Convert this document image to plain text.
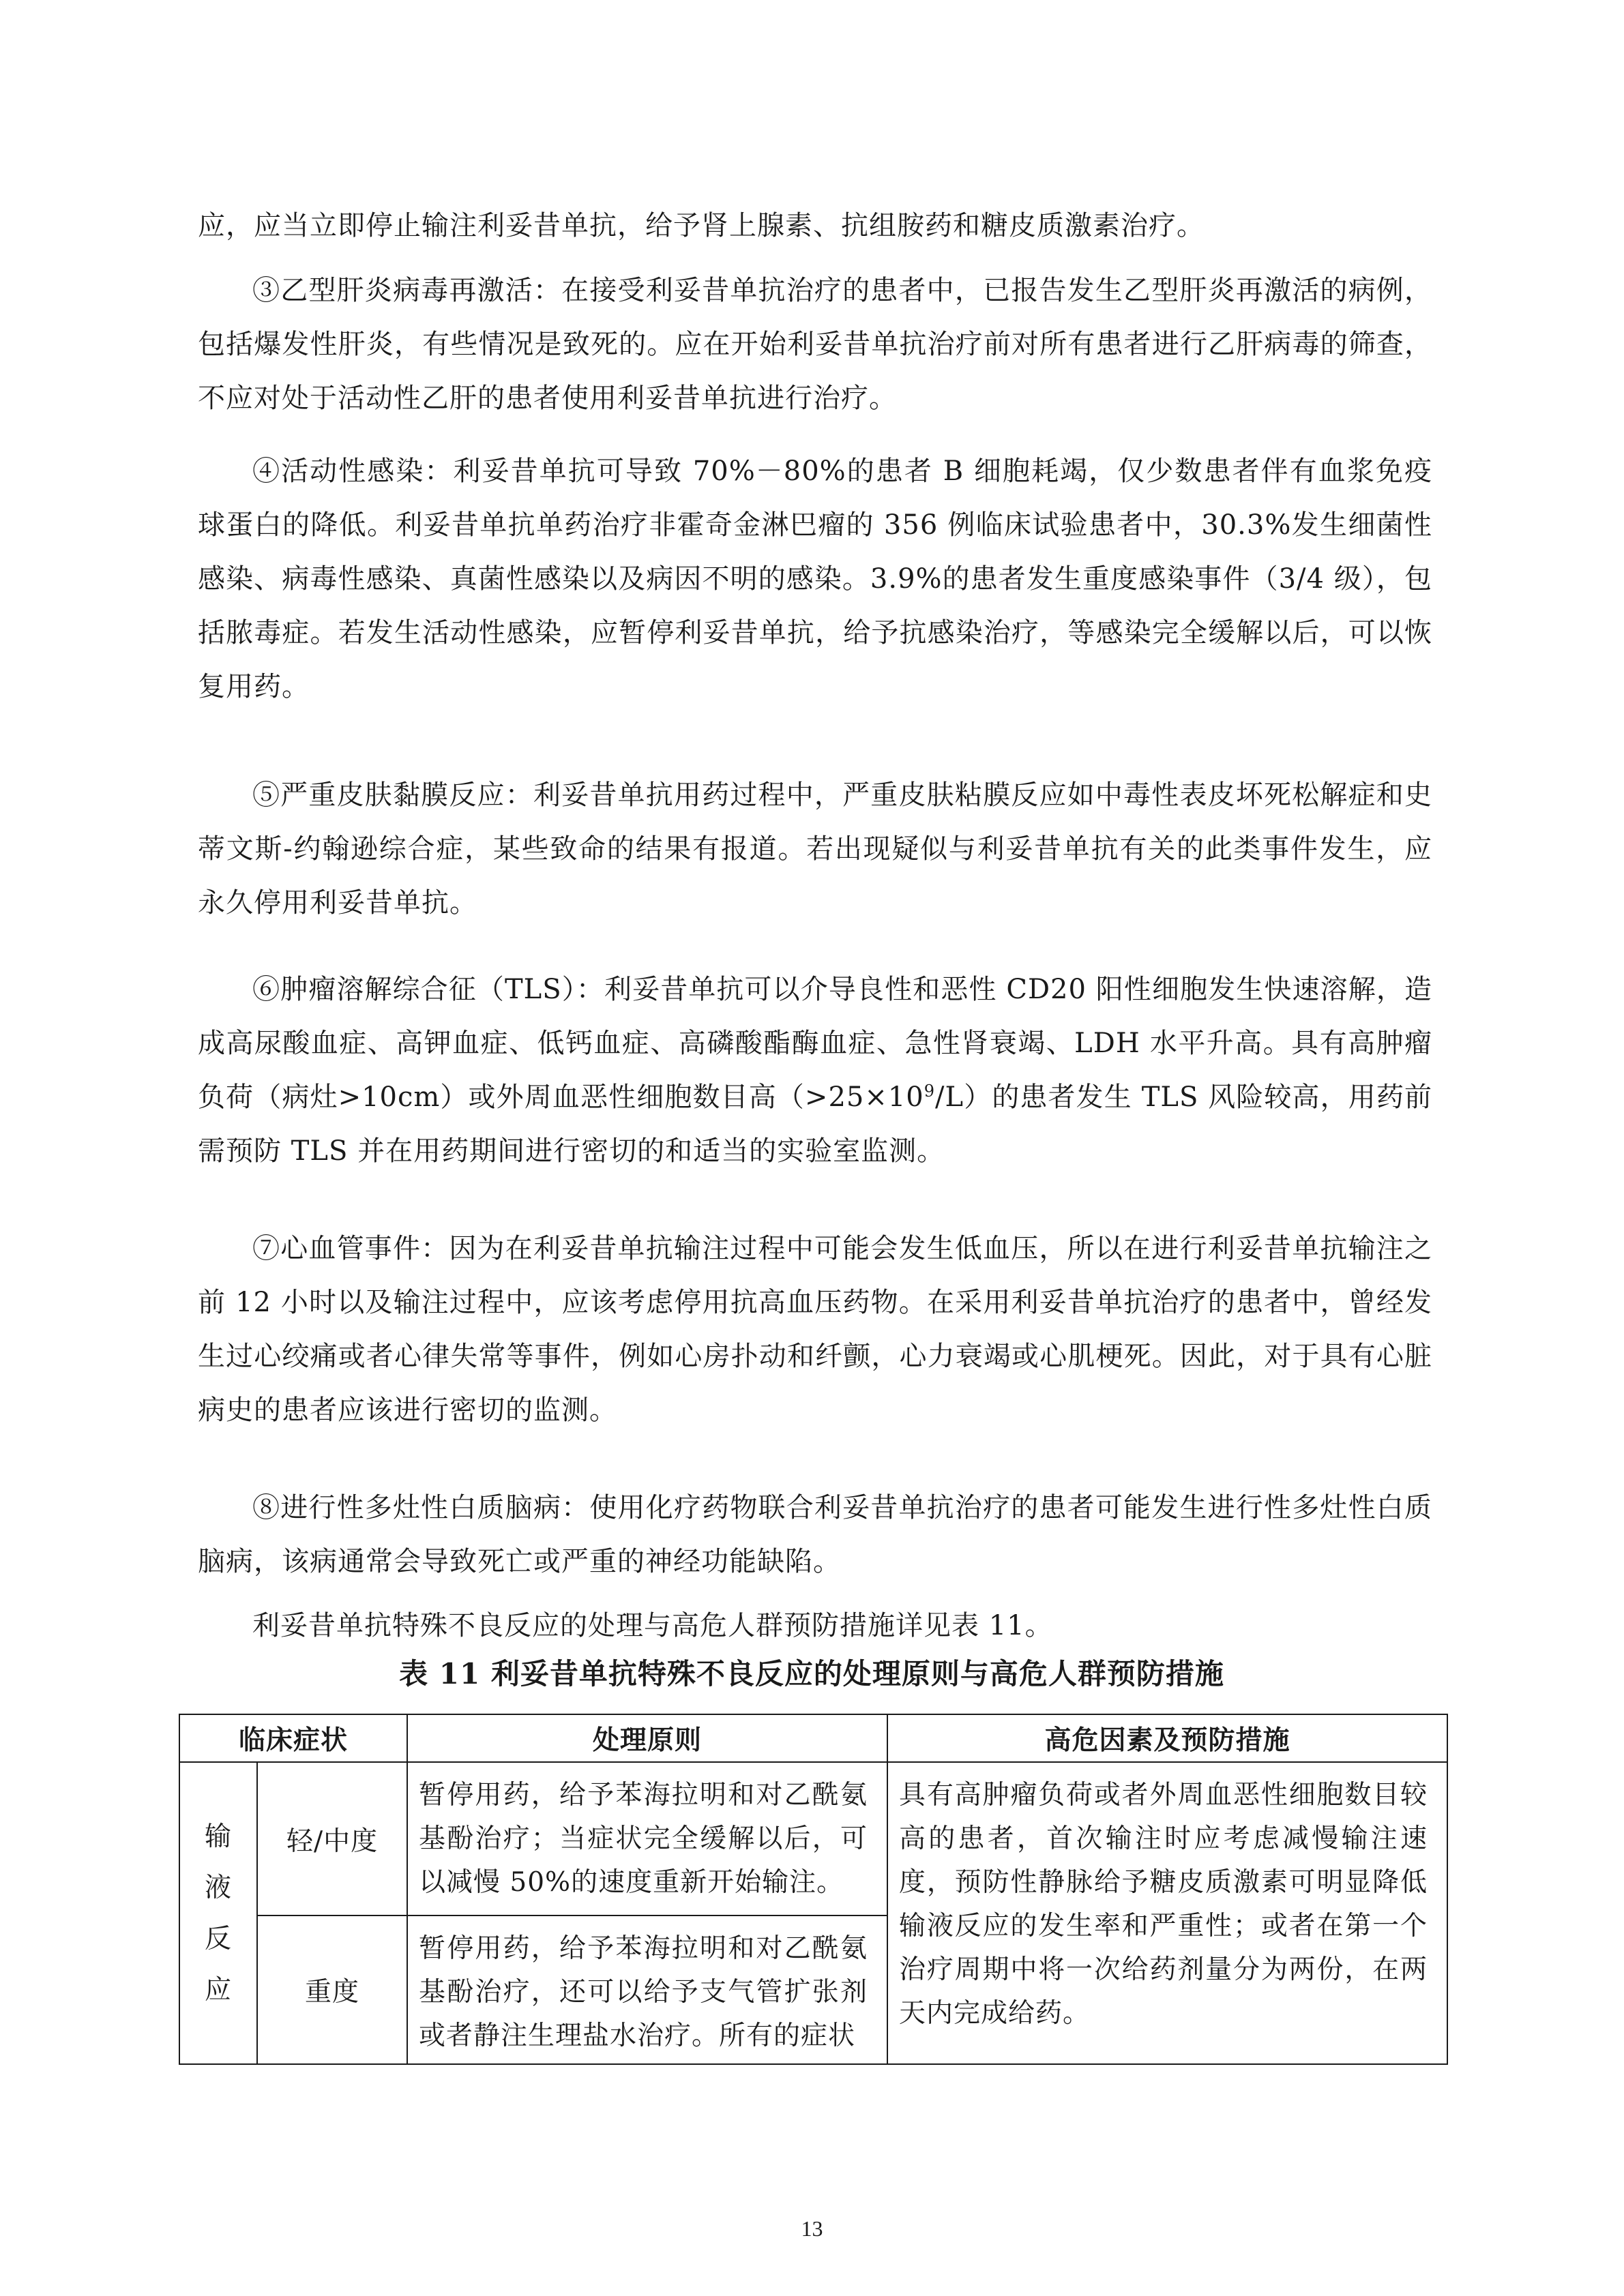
应，应当立即停止输注利妥昔单抗，给予肾上腺素、抗组胺药和糖皮质激素治疗。

③乙型肝炎病毒再激活：在接受利妥昔单抗治疗的患者中，已报告发生乙型肝炎再激活的病例，包括爆发性肝炎，有些情况是致死的。应在开始利妥昔单抗治疗前对所有患者进行乙肝病毒的筛查，不应对处于活动性乙肝的患者使用利妥昔单抗进行治疗。

④活动性感染：利妥昔单抗可导致 70%－80%的患者 B 细胞耗竭，仅少数患者伴有血浆免疫球蛋白的降低。利妥昔单抗单药治疗非霍奇金淋巴瘤的 356 例临床试验患者中，30.3%发生细菌性感染、病毒性感染、真菌性感染以及病因不明的感染。3.9%的患者发生重度感染事件（3/4 级），包括脓毒症。若发生活动性感染，应暂停利妥昔单抗，给予抗感染治疗，等感染完全缓解以后，可以恢复用药。

⑤严重皮肤黏膜反应：利妥昔单抗用药过程中，严重皮肤粘膜反应如中毒性表皮坏死松解症和史蒂文斯-约翰逊综合症，某些致命的结果有报道。若出现疑似与利妥昔单抗有关的此类事件发生，应永久停用利妥昔单抗。

⑥肿瘤溶解综合征（TLS）：利妥昔单抗可以介导良性和恶性 CD20 阳性细胞发生快速溶解，造成高尿酸血症、高钾血症、低钙血症、高磷酸酯酶血症、急性肾衰竭、LDH 水平升高。具有高肿瘤负荷（病灶>10cm）或外周血恶性细胞数目高$(>25\times 10^9/L)$的患者发生 TLS 风险较高，用药前需预防 TLS 并在用药期间进行密切的和适当的实验室监测。

⑦心血管事件：因为在利妥昔单抗输注过程中可能会发生低血压，所以在进行利妥昔单抗输注之前 12 小时以及输注过程中，应该考虑停用抗高血压药物。在采用利妥昔单抗治疗的患者中，曾经发生过心绞痛或者心律失常等事件，例如心房扑动和纤颤，心力衰竭或心肌梗死。因此，对于具有心脏病史的患者应该进行密切的监测。

⑧进行性多灶性白质脑病：使用化疗药物联合利妥昔单抗治疗的患者可能发生进行性多灶性白质脑病，该病通常会导致死亡或严重的神经功能缺陷。

利妥昔单抗特殊不良反应的处理与高危人群预防措施详见表 11。

表 11 利妥昔单抗特殊不良反应的处理原则与高危人群预防措施
临床症状		处理原则	高危因素及预防措施
输液反应	轻/中度	暂停用药，给予苯海拉明和对乙酰氨基酚治疗；当症状完全缓解以后，可以减慢 50%的速度重新开始输注。	具有高肿瘤负荷或者外周血恶性细胞数目较高的患者，首次输注时应考虑减慢输注速度，预防性静脉给予糖皮质激素可明显降低输液反应的发生率和严重性；或者在第一个治疗周期中将一次给药剂量分为两份，在两天内完成给药。
	重度	暂停用药，给予苯海拉明和对乙酰氨基酚治疗，还可以给予支气管扩张剂或者静注生理盐水治疗。所有的症状	
13
